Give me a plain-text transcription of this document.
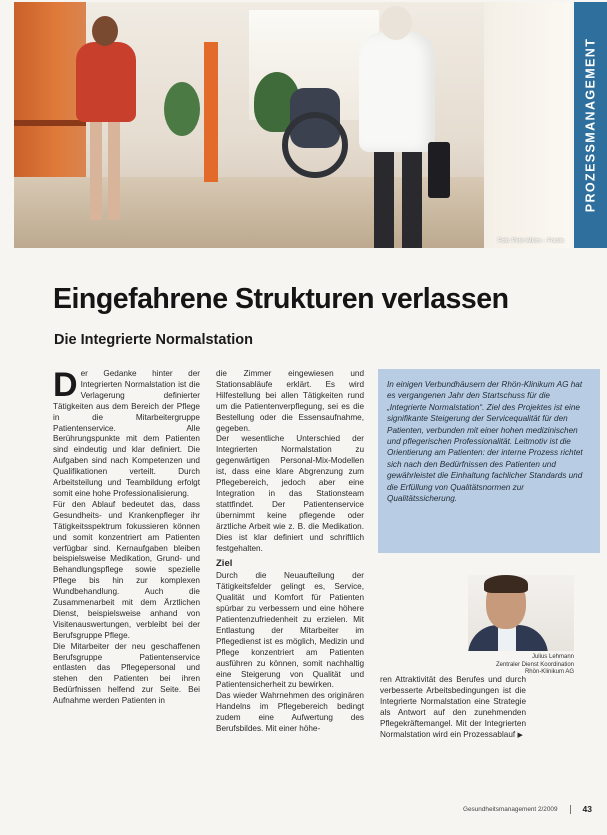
Foto: Peter Atkins – Fotolia
PROZESSMANAGEMENT
Eingefahrene Strukturen verlassen
Die Integrierte Normalstation

Der Gedanke hinter der Integrierten Normalstation ist die Verlagerung definierter Tätigkeiten aus dem Bereich der Pflege in die Mitarbeitergruppe Patientenservice. Alle Berührungspunkte mit dem Patienten sind eindeutig und klar definiert. Die Aufgaben sind nach Kompetenzen und Qualifikationen verteilt. Durch Arbeitsteilung und Teambildung erfolgt somit eine hohe Professionalisierung.

Für den Ablauf bedeutet das, dass Gesundheits- und Krankenpfleger ihr Tätigkeitsspektrum fokussieren können und somit konzentriert am Patienten verfügbar sind. Kernaufgaben bleiben beispielsweise Medikation, Grund- und Behandlungspflege sowie spezielle Pflege bis hin zur komplexen Wundbehandlung. Auch die Zusammenarbeit mit dem Ärztlichen Dienst, beispielsweise anhand von Visitenauswertungen, verbleibt bei der Berufsgruppe Pflege.

Die Mitarbeiter der neu geschaffenen Berufsgruppe Patientenservice entlasten das Pflegepersonal und stehen den Patienten bei ihren Bedürfnissen helfend zur Seite. Bei Aufnahme werden Patienten in

die Zimmer eingewiesen und Stationsabläufe erklärt. Es wird Hilfestellung bei allen Tätigkeiten rund um die Patientenverpflegung, sei es die Bestellung oder die Essensaufnahme, gegeben.

Der wesentliche Unterschied der Integrierten Normalstation zu gegenwärtigen Personal-Mix-Modellen ist, dass eine klare Abgrenzung zum Pflegebereich, jedoch aber eine Integration in das Stationsteam stattfindet. Der Patientenservice übernimmt keine pflegende oder ärztliche Arbeit wie z. B. die Medikation. Dies ist klar definiert und schriftlich festgehalten.

Ziel

Durch die Neuaufteilung der Tätigkeitsfelder gelingt es, Service, Qualität und Komfort für Patienten spürbar zu verbessern und eine höhere Patientenzufriedenheit zu erzielen. Mit Entlastung der Mitarbeiter im Pflegedienst ist es möglich, Medizin und Pflege konzentriert am Patienten ausführen zu können, somit nachhaltig eine Steigerung von Qualität und Patientensicherheit zu bewirken.

Das wieder Wahrnehmen des originären Handelns im Pflegebereich bedingt zudem eine Aufwertung des Berufsbildes. Mit einer höhe-

In einigen Verbundhäusern der Rhön-Klinikum AG hat es vergangenen Jahr den Startschuss für die „Integrierte Normalstation“. Ziel des Projektes ist eine signifikante Steigerung der Servicequalität für den Patienten, verbunden mit einer hohen medizinischen und pflegerischen Professionalität. Leitmotiv ist die Orientierung am Patienten: der interne Prozess richtet sich nach den Bedürfnissen des Patienten und gewährleistet die Einhaltung fachlicher Standards und die Erfüllung von Qualitätsnormen zur Qualitätssicherung.
Julius Lehmann
Zentraler Dienst Koordination
Rhön-Klinikum AG

ren Attraktivität des Berufes und durch verbesserte Arbeitsbedingungen ist die Integrierte Normalstation eine Strategie als Antwort auf den zunehmenden Pflegekräftemangel. Mit der Integrierten Normalstation wird ein Prozessablauf ▶

Gesundheitsmanagement 2/2009	43
